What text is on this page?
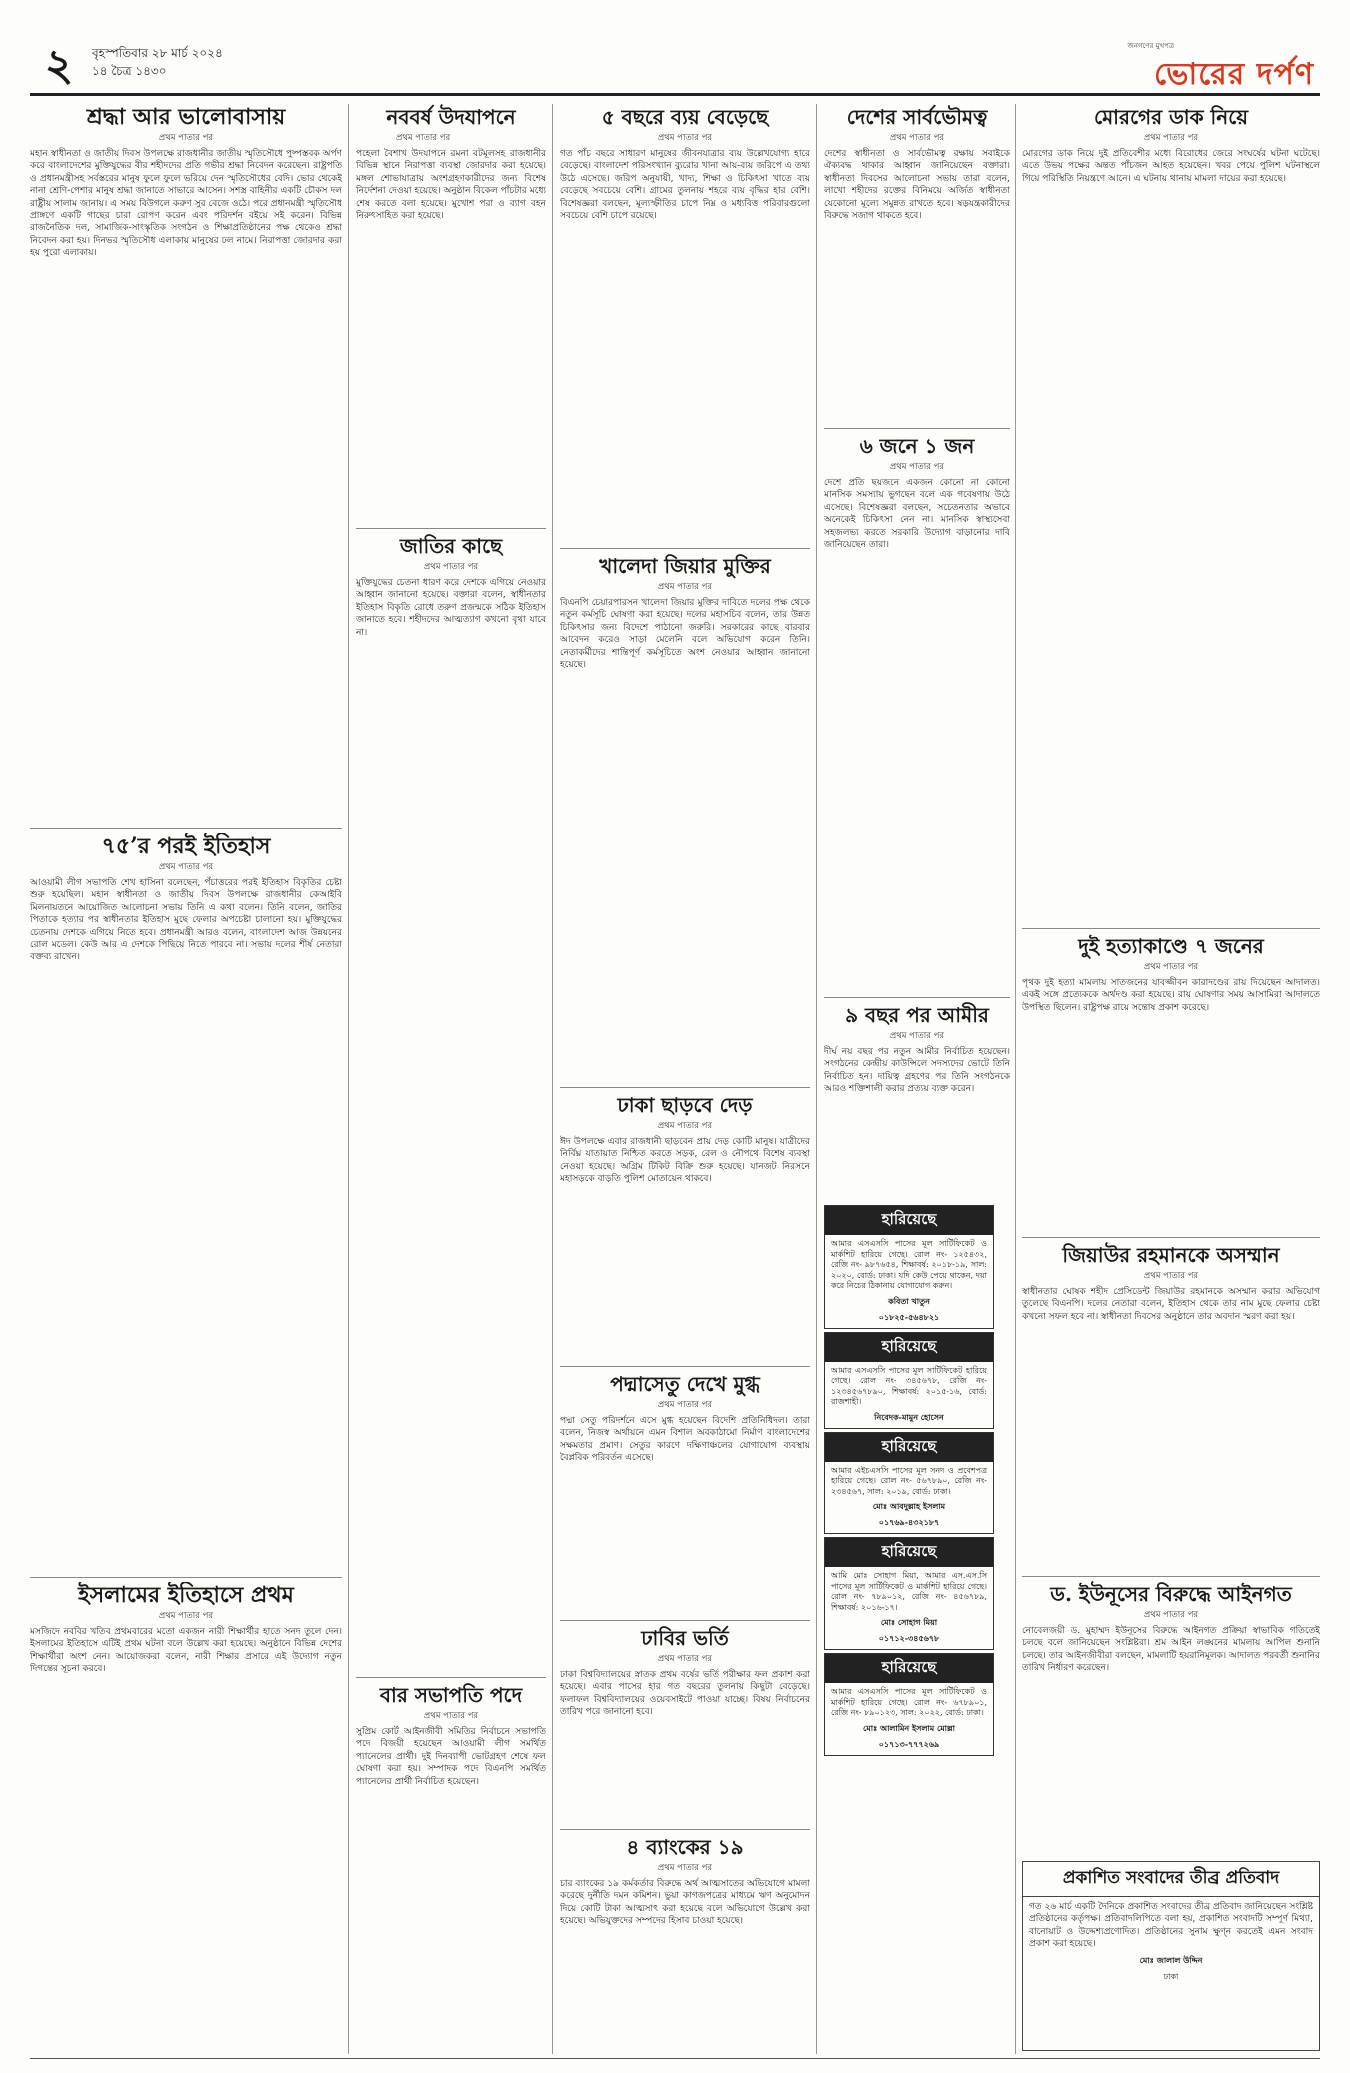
২	বৃহস্পতিবার ২৮ মার্চ ২০২৪
১৪ চৈত্র ১৪৩০
জনগণের মুখপত্র
ভোরের দর্পণ
শ্রদ্ধা আর ভালোবাসায়
প্রথম পাতার পর
মহান স্বাধীনতা ও জাতীয় দিবস উপলক্ষে রাজধানীর জাতীয় স্মৃতিসৌধে পুষ্পস্তবক অর্পণ করে বাংলাদেশের মুক্তিযুদ্ধের বীর শহীদদের প্রতি গভীর শ্রদ্ধা নিবেদন করেছেন। রাষ্ট্রপতি ও প্রধানমন্ত্রীসহ সর্বস্তরের মানুষ ফুলে ফুলে ভরিয়ে দেন স্মৃতিসৌধের বেদি। ভোর থেকেই নানা শ্রেণি-পেশার মানুষ শ্রদ্ধা জানাতে সাভারে আসেন। সশস্ত্র বাহিনীর একটি চৌকস দল রাষ্ট্রীয় সালাম জানায়। এ সময় বিউগলে করুণ সুর বেজে ওঠে। পরে প্রধানমন্ত্রী স্মৃতিসৌধ প্রাঙ্গণে একটি গাছের চারা রোপণ করেন এবং পরিদর্শন বইয়ে সই করেন। বিভিন্ন রাজনৈতিক দল, সামাজিক-সাংস্কৃতিক সংগঠন ও শিক্ষাপ্রতিষ্ঠানের পক্ষ থেকেও শ্রদ্ধা নিবেদন করা হয়। দিনভর স্মৃতিসৌধ এলাকায় মানুষের ঢল নামে। নিরাপত্তা জোরদার করা হয় পুরো এলাকায়।
৭৫’র পরই ইতিহাস
প্রথম পাতার পর
আওয়ামী লীগ সভাপতি শেখ হাসিনা বলেছেন, পঁচাত্তরের পরই ইতিহাস বিকৃতির চেষ্টা শুরু হয়েছিল। মহান স্বাধীনতা ও জাতীয় দিবস উপলক্ষে রাজধানীর কেআইবি মিলনায়তনে আয়োজিত আলোচনা সভায় তিনি এ কথা বলেন। তিনি বলেন, জাতির পিতাকে হত্যার পর স্বাধীনতার ইতিহাস মুছে ফেলার অপচেষ্টা চালানো হয়। মুক্তিযুদ্ধের চেতনায় দেশকে এগিয়ে নিতে হবে। প্রধানমন্ত্রী আরও বলেন, বাংলাদেশ আজ উন্নয়নের রোল মডেল। কেউ আর এ দেশকে পিছিয়ে নিতে পারবে না। সভায় দলের শীর্ষ নেতারা বক্তব্য রাখেন।
ইসলামের ইতিহাসে প্রথম
প্রথম পাতার পর
মসজিদে নববির খতিব প্রথমবারের মতো একজন নারী শিক্ষার্থীর হাতে সনদ তুলে দেন। ইসলামের ইতিহাসে এটিই প্রথম ঘটনা বলে উল্লেখ করা হয়েছে। অনুষ্ঠানে বিভিন্ন দেশের শিক্ষার্থীরা অংশ নেন। আয়োজকরা বলেন, নারী শিক্ষার প্রসারে এই উদ্যোগ নতুন দিগন্তের সূচনা করবে।
নববর্ষ উদযাপনে
প্রথম পাতার পর
পহেলা বৈশাখ উদযাপনে রমনা বটমূলসহ রাজধানীর বিভিন্ন স্থানে নিরাপত্তা ব্যবস্থা জোরদার করা হয়েছে। মঙ্গল শোভাযাত্রায় অংশগ্রহণকারীদের জন্য বিশেষ নির্দেশনা দেওয়া হয়েছে। অনুষ্ঠান বিকেল পাঁচটার মধ্যে শেষ করতে বলা হয়েছে। মুখোশ পরা ও ব্যাগ বহন নিরুৎসাহিত করা হয়েছে।
জাতির কাছে
প্রথম পাতার পর
মুক্তিযুদ্ধের চেতনা ধারণ করে দেশকে এগিয়ে নেওয়ার আহ্বান জানানো হয়েছে। বক্তারা বলেন, স্বাধীনতার ইতিহাস বিকৃতি রোধে তরুণ প্রজন্মকে সঠিক ইতিহাস জানাতে হবে। শহীদদের আত্মত্যাগ কখনো বৃথা যাবে না।
বার সভাপতি পদে
প্রথম পাতার পর
সুপ্রিম কোর্ট আইনজীবী সমিতির নির্বাচনে সভাপতি পদে বিজয়ী হয়েছেন আওয়ামী লীগ সমর্থিত প্যানেলের প্রার্থী। দুই দিনব্যাপী ভোটগ্রহণ শেষে ফল ঘোষণা করা হয়। সম্পাদক পদে বিএনপি সমর্থিত প্যানেলের প্রার্থী নির্বাচিত হয়েছেন।
৫ বছরে ব্যয় বেড়েছে
প্রথম পাতার পর
গত পাঁচ বছরে সাধারণ মানুষের জীবনযাত্রার ব্যয় উল্লেখযোগ্য হারে বেড়েছে। বাংলাদেশ পরিসংখ্যান ব্যুরোর খানা আয়-ব্যয় জরিপে এ তথ্য উঠে এসেছে। জরিপ অনুযায়ী, খাদ্য, শিক্ষা ও চিকিৎসা খাতে ব্যয় বেড়েছে সবচেয়ে বেশি। গ্রামের তুলনায় শহরে ব্যয় বৃদ্ধির হার বেশি। বিশেষজ্ঞরা বলছেন, মূল্যস্ফীতির চাপে নিম্ন ও মধ্যবিত্ত পরিবারগুলো সবচেয়ে বেশি চাপে রয়েছে।
খালেদা জিয়ার মুক্তির
প্রথম পাতার পর
বিএনপি চেয়ারপারসন খালেদা জিয়ার মুক্তির দাবিতে দলের পক্ষ থেকে নতুন কর্মসূচি ঘোষণা করা হয়েছে। দলের মহাসচিব বলেন, তার উন্নত চিকিৎসার জন্য বিদেশে পাঠানো জরুরি। সরকারের কাছে বারবার আবেদন করেও সাড়া মেলেনি বলে অভিযোগ করেন তিনি। নেতাকর্মীদের শান্তিপূর্ণ কর্মসূচিতে অংশ নেওয়ার আহ্বান জানানো হয়েছে।
ঢাকা ছাড়বে দেড়
প্রথম পাতার পর
ঈদ উপলক্ষে এবার রাজধানী ছাড়বেন প্রায় দেড় কোটি মানুষ। যাত্রীদের নির্বিঘ্ন যাতায়াত নিশ্চিত করতে সড়ক, রেল ও নৌপথে বিশেষ ব্যবস্থা নেওয়া হয়েছে। অগ্রিম টিকিট বিক্রি শুরু হয়েছে। যানজট নিরসনে মহাসড়কে বাড়তি পুলিশ মোতায়েন থাকবে।
পদ্মাসেতু দেখে মুগ্ধ
প্রথম পাতার পর
পদ্মা সেতু পরিদর্শনে এসে মুগ্ধ হয়েছেন বিদেশি প্রতিনিধিদল। তারা বলেন, নিজস্ব অর্থায়নে এমন বিশাল অবকাঠামো নির্মাণ বাংলাদেশের সক্ষমতার প্রমাণ। সেতুর কারণে দক্ষিণাঞ্চলের যোগাযোগ ব্যবস্থায় বৈপ্লবিক পরিবর্তন এসেছে।
ঢাবির ভর্তি
প্রথম পাতার পর
ঢাকা বিশ্ববিদ্যালয়ের স্নাতক প্রথম বর্ষের ভর্তি পরীক্ষার ফল প্রকাশ করা হয়েছে। এবার পাসের হার গত বছরের তুলনায় কিছুটা বেড়েছে। ফলাফল বিশ্ববিদ্যালয়ের ওয়েবসাইটে পাওয়া যাচ্ছে। বিষয় নির্বাচনের তারিখ পরে জানানো হবে।
৪ ব্যাংকের ১৯
প্রথম পাতার পর
চার ব্যাংকের ১৯ কর্মকর্তার বিরুদ্ধে অর্থ আত্মসাতের অভিযোগে মামলা করেছে দুর্নীতি দমন কমিশন। ভুয়া কাগজপত্রের মাধ্যমে ঋণ অনুমোদন দিয়ে কোটি টাকা আত্মসাৎ করা হয়েছে বলে অভিযোগে উল্লেখ করা হয়েছে। অভিযুক্তদের সম্পদের হিসাব চাওয়া হয়েছে।
দেশের সার্বভৌমত্ব
প্রথম পাতার পর
দেশের স্বাধীনতা ও সার্বভৌমত্ব রক্ষায় সবাইকে ঐক্যবদ্ধ থাকার আহ্বান জানিয়েছেন বক্তারা। স্বাধীনতা দিবসের আলোচনা সভায় তারা বলেন, লাখো শহীদের রক্তের বিনিময়ে অর্জিত স্বাধীনতা যেকোনো মূল্যে সমুন্নত রাখতে হবে। ষড়যন্ত্রকারীদের বিরুদ্ধে সজাগ থাকতে হবে।
৬ জনে ১ জন
প্রথম পাতার পর
দেশে প্রতি ছয়জনে একজন কোনো না কোনো মানসিক সমস্যায় ভুগছেন বলে এক গবেষণায় উঠে এসেছে। বিশেষজ্ঞরা বলছেন, সচেতনতার অভাবে অনেকেই চিকিৎসা নেন না। মানসিক স্বাস্থ্যসেবা সহজলভ্য করতে সরকারি উদ্যোগ বাড়ানোর দাবি জানিয়েছেন তারা।
৯ বছর পর আমীর
প্রথম পাতার পর
দীর্ঘ নয় বছর পর নতুন আমীর নির্বাচিত হয়েছেন। সংগঠনের কেন্দ্রীয় কাউন্সিলে সদস্যদের ভোটে তিনি নির্বাচিত হন। দায়িত্ব গ্রহণের পর তিনি সংগঠনকে আরও শক্তিশালী করার প্রত্যয় ব্যক্ত করেন।
হারিয়েছে
আমার এসএসসি পাসের মূল সার্টিফিকেট ও মার্কশিট হারিয়ে গেছে। রোল নং- ১২৫৪৩২, রেজি নং- ৯৮৭৬৫৪, শিক্ষাবর্ষ: ২০১৮-১৯, সাল: ২০২০, বোর্ড: ঢাকা। যদি কেউ পেয়ে থাকেন, দয়া করে নিচের ঠিকানায় যোগাযোগ করুন।
কবিতা খাতুন
০১৮২৫-৫৬৪৮২১
হারিয়েছে
আমার এসএসসি পাসের মূল সার্টিফিকেট হারিয়ে গেছে। রোল নং- ৩৪৫৬৭৮, রেজি নং- ১২৩৪৫৬৭৮৯০, শিক্ষাবর্ষ: ২০১৫-১৬, বোর্ড: রাজশাহী।
নিবেদক-মামুন হোসেন
হারিয়েছে
আমার এইচএসসি পাসের মূল সনদ ও প্রবেশপত্র হারিয়ে গেছে। রোল নং- ৫৬৭৮৯০, রেজি নং- ২৩৪৫৬৭, সাল: ২০১৯, বোর্ড: ঢাকা।
মোঃ আবদুল্লাহ ইসলাম
০১৭৬৯-৪৩২১৮৭
হারিয়েছে
আমি মোঃ সোহাগ মিয়া, আমার এস.এস.সি পাসের মূল সার্টিফিকেট ও মার্কশিট হারিয়ে গেছে। রোল নং- ৭৮৯০১২, রেজি নং- ৪৫৬৭৮৯, শিক্ষাবর্ষ: ২০১৬-১৭।
মোঃ সোহাগ মিয়া
০১৭১২-৩৪৫৬৭৮
হারিয়েছে
আমার এসএসসি পাসের মূল সার্টিফিকেট ও মার্কশিট হারিয়ে গেছে। রোল নং- ৬৭৮৯০১, রেজি নং- ৮৯০১২৩, সাল: ২০২২, বোর্ড: ঢাকা।
মোঃ আলামিন ইসলাম মোল্লা
০১৭১৩-৭৭৭২৬৯
মোরগের ডাক নিয়ে
প্রথম পাতার পর
মোরগের ডাক নিয়ে দুই প্রতিবেশীর মধ্যে বিরোধের জেরে সংঘর্ষের ঘটনা ঘটেছে। এতে উভয় পক্ষের অন্তত পাঁচজন আহত হয়েছেন। খবর পেয়ে পুলিশ ঘটনাস্থলে গিয়ে পরিস্থিতি নিয়ন্ত্রণে আনে। এ ঘটনায় থানায় মামলা দায়ের করা হয়েছে।
দুই হত্যাকাণ্ডে ৭ জনের
প্রথম পাতার পর
পৃথক দুই হত্যা মামলায় সাতজনের যাবজ্জীবন কারাদণ্ডের রায় দিয়েছেন আদালত। একই সঙ্গে প্রত্যেককে অর্থদণ্ড করা হয়েছে। রায় ঘোষণার সময় আসামিরা আদালতে উপস্থিত ছিলেন। রাষ্ট্রপক্ষ রায়ে সন্তোষ প্রকাশ করেছে।
জিয়াউর রহমানকে অসম্মান
প্রথম পাতার পর
স্বাধীনতার ঘোষক শহীদ প্রেসিডেন্ট জিয়াউর রহমানকে অসম্মান করার অভিযোগ তুলেছে বিএনপি। দলের নেতারা বলেন, ইতিহাস থেকে তার নাম মুছে ফেলার চেষ্টা কখনো সফল হবে না। স্বাধীনতা দিবসের অনুষ্ঠানে তার অবদান স্মরণ করা হয়।
ড. ইউনূসের বিরুদ্ধে আইনগত
প্রথম পাতার পর
নোবেলজয়ী ড. মুহাম্মদ ইউনূসের বিরুদ্ধে আইনগত প্রক্রিয়া স্বাভাবিক গতিতেই চলছে বলে জানিয়েছেন সংশ্লিষ্টরা। শ্রম আইন লঙ্ঘনের মামলায় আপিল শুনানি চলছে। তার আইনজীবীরা বলছেন, মামলাটি হয়রানিমূলক। আদালত পরবর্তী শুনানির তারিখ নির্ধারণ করেছেন।
প্রকাশিত সংবাদের তীব্র প্রতিবাদ
গত ২৬ মার্চ একটি দৈনিকে প্রকাশিত সংবাদের তীব্র প্রতিবাদ জানিয়েছেন সংশ্লিষ্ট প্রতিষ্ঠানের কর্তৃপক্ষ। প্রতিবাদলিপিতে বলা হয়, প্রকাশিত সংবাদটি সম্পূর্ণ মিথ্যা, বানোয়াট ও উদ্দেশ্যপ্রণোদিত। প্রতিষ্ঠানের সুনাম ক্ষুণ্ন করতেই এমন সংবাদ প্রকাশ করা হয়েছে।
মোঃ জালাল উদ্দিন
ঢাকা
